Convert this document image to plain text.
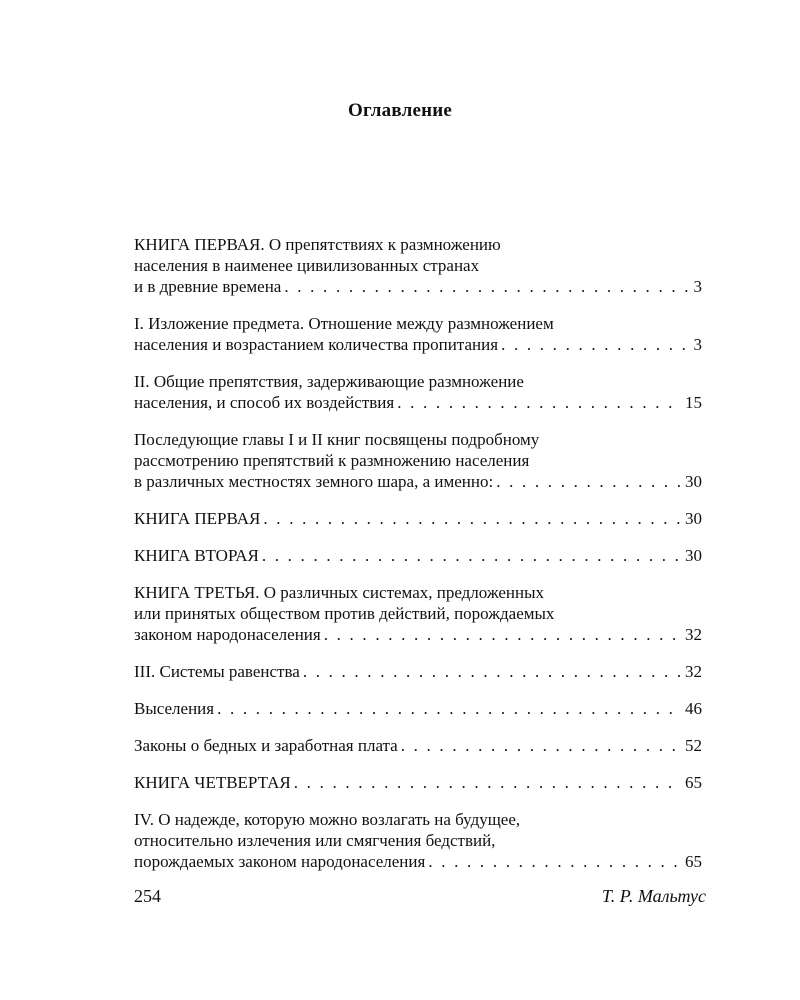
Оглавление
КНИГА ПЕРВАЯ. О препятствиях к размножению
населения в наименее цивилизованных странах
и в древние времена . . .	3
I. Изложение предмета. Отношение между размножением
населения и возрастанием количества пропитания . . .	3
II. Общие препятствия, задерживающие размножение
населения, и способ их воздействия . . .	15
Последующие главы I и II книг посвящены подробному
рассмотрению препятствий к размножению населения
в различных местностях земного шара, а именно: . . .	30
КНИГА ПЕРВАЯ . . .	30
КНИГА ВТОРАЯ . . .	30
КНИГА ТРЕТЬЯ. О различных системах, предложенных
или принятых обществом против действий, порождаемых
законом народонаселения . . .	32
III. Системы равенства . . .	32
Выселения . . .	46
Законы о бедных и заработная плата . . .	52
КНИГА ЧЕТВЕРТАЯ . . .	65
IV. О надежде, которую можно возлагать на будущее,
относительно излечения или смягчения бедствий,
порождаемых законом народонаселения . . .	65
254	Т. Р. Мальтус
